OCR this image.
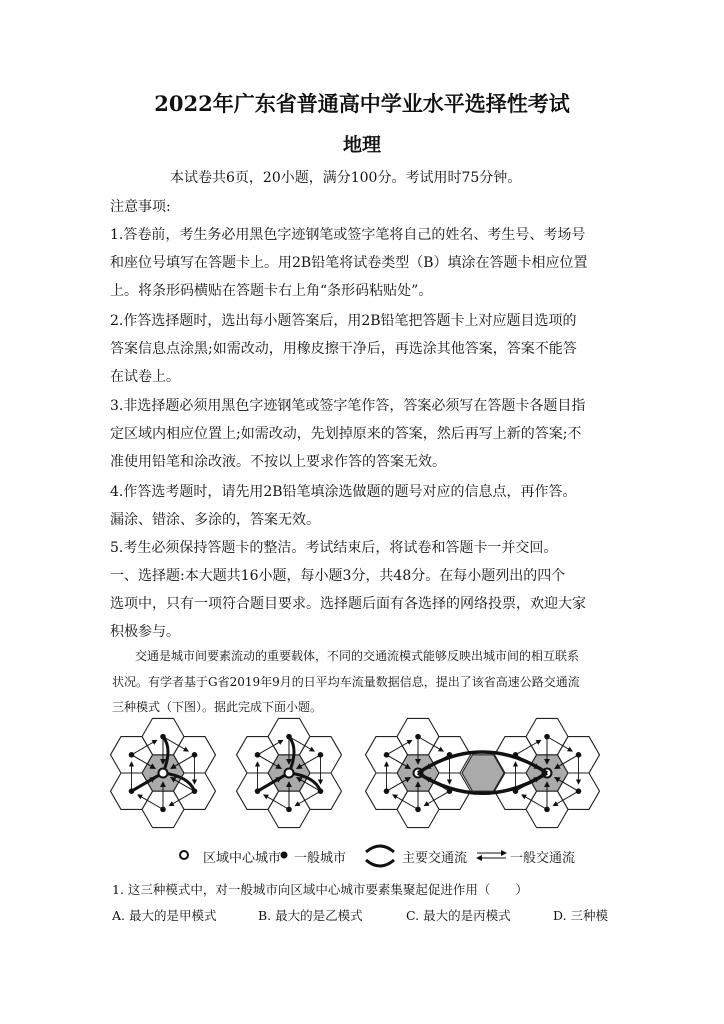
2022年广东省普通高中学业水平选择性考试
地理
本试卷共6页，20小题，满分100分。考试用时75分钟。
注意事项:
1.答卷前，考生务必用黑色字迹钢笔或签字笔将自己的姓名、考生号、考场号
和座位号填写在答题卡上。用2B铅笔将试卷类型（B）填涂在答题卡相应位置
上。将条形码横贴在答题卡右上角“条形码粘贴处”。
2.作答选择题时，选出每小题答案后，用2B铅笔把答题卡上对应题目选项的
答案信息点涂黑;如需改动，用橡皮擦干净后，再选涂其他答案，答案不能答
在试卷上。
3.非选择题必须用黑色字迹钢笔或签字笔作答，答案必须写在答题卡各题目指
定区域内相应位置上;如需改动，先划掉原来的答案，然后再写上新的答案;不
准使用铅笔和涂改液。不按以上要求作答的答案无效。
4.作答选考题时，请先用2B铅笔填涂选做题的题号对应的信息点，再作答。
漏涂、错涂、多涂的，答案无效。
5.考生必须保持答题卡的整洁。考试结束后，将试卷和答题卡一并交回。
一、选择题:本大题共16小题，每小题3分，共48分。在每小题列出的四个
选项中，只有一项符合题目要求。选择题后面有各选择的网络投票，欢迎大家
积极参与。
交通是城市间要素流动的重要载体，不同的交通流模式能够反映出城市间的相互联系
状况。有学者基于G省2019年9月的日平均车流量数据信息，提出了该省高速公路交通流
三种模式（下图）。据此完成下面小题。
区域中心城市 一般城市	主要交通流	一般交通流
1. 这三种模式中，对一般城市向区域中心城市要素集聚起促进作用（　　）
A. 最大的是甲模式	B. 最大的是乙模式	C. 最大的是丙模式	D. 三种模
